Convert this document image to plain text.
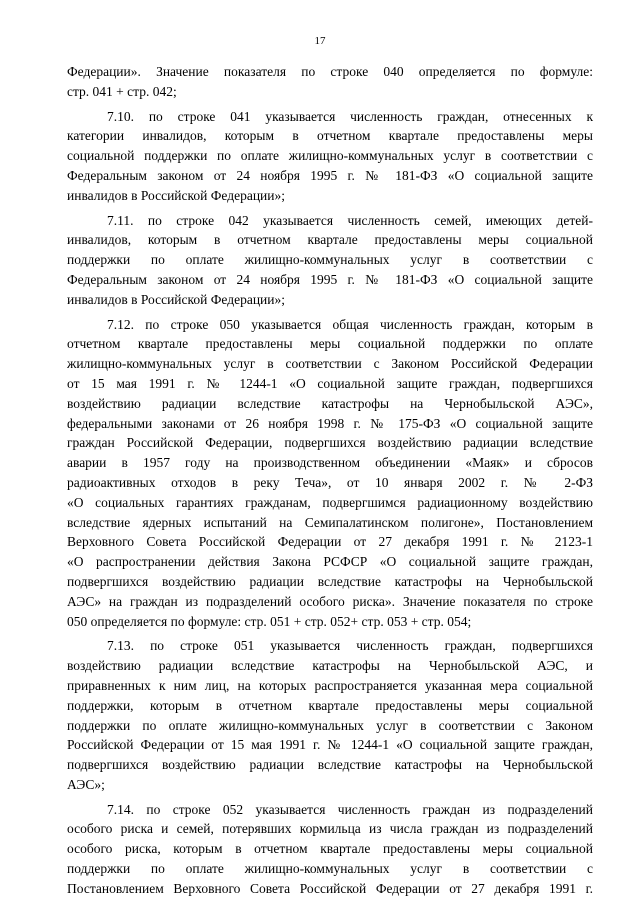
17
Федерации». Значение показателя по строке 040 определяется по формуле:
стр. 041 + стр. 042;
7.10. по строке 041 указывается численность граждан, отнесенных к
категории инвалидов, которым в отчетном квартале предоставлены меры
социальной поддержки по оплате жилищно-коммунальных услуг в соответствии с
Федеральным законом от 24 ноября 1995 г. № 181-ФЗ «О социальной защите
инвалидов в Российской Федерации»;
7.11. по строке 042 указывается численность семей, имеющих детей-
инвалидов, которым в отчетном квартале предоставлены меры социальной
поддержки по оплате жилищно-коммунальных услуг в соответствии с
Федеральным законом от 24 ноября 1995 г. № 181-ФЗ «О социальной защите
инвалидов в Российской Федерации»;
7.12. по строке 050 указывается общая численность граждан, которым в
отчетном квартале предоставлены меры социальной поддержки по оплате
жилищно-коммунальных услуг в соответствии с Законом Российской Федерации
от 15 мая 1991 г. № 1244-1 «О социальной защите граждан, подвергшихся
воздействию радиации вследствие катастрофы на Чернобыльской АЭС»,
федеральными законами от 26 ноября 1998 г. № 175-ФЗ «О социальной защите
граждан Российской Федерации, подвергшихся воздействию радиации вследствие
аварии в 1957 году на производственном объединении «Маяк» и сбросов
радиоактивных отходов в реку Теча», от 10 января 2002 г. № 2-ФЗ
«О социальных гарантиях гражданам, подвергшимся радиационному воздействию
вследствие ядерных испытаний на Семипалатинском полигоне», Постановлением
Верховного Совета Российской Федерации от 27 декабря 1991 г. № 2123-1
«О распространении действия Закона РСФСР «О социальной защите граждан,
подвергшихся воздействию радиации вследствие катастрофы на Чернобыльской
АЭС» на граждан из подразделений особого риска». Значение показателя по строке
050 определяется по формуле: стр. 051 + стр. 052+ стр. 053 + стр. 054;
7.13. по строке 051 указывается численность граждан, подвергшихся
воздействию радиации вследствие катастрофы на Чернобыльской АЭС, и
приравненных к ним лиц, на которых распространяется указанная мера социальной
поддержки, которым в отчетном квартале предоставлены меры социальной
поддержки по оплате жилищно-коммунальных услуг в соответствии с Законом
Российской Федерации от 15 мая 1991 г. № 1244-1 «О социальной защите граждан,
подвергшихся воздействию радиации вследствие катастрофы на Чернобыльской
АЭС»;
7.14. по строке 052 указывается численность граждан из подразделений
особого риска и семей, потерявших кормильца из числа граждан из подразделений
особого риска, которым в отчетном квартале предоставлены меры социальной
поддержки по оплате жилищно-коммунальных услуг в соответствии с
Постановлением Верховного Совета Российской Федерации от 27 декабря 1991 г.
